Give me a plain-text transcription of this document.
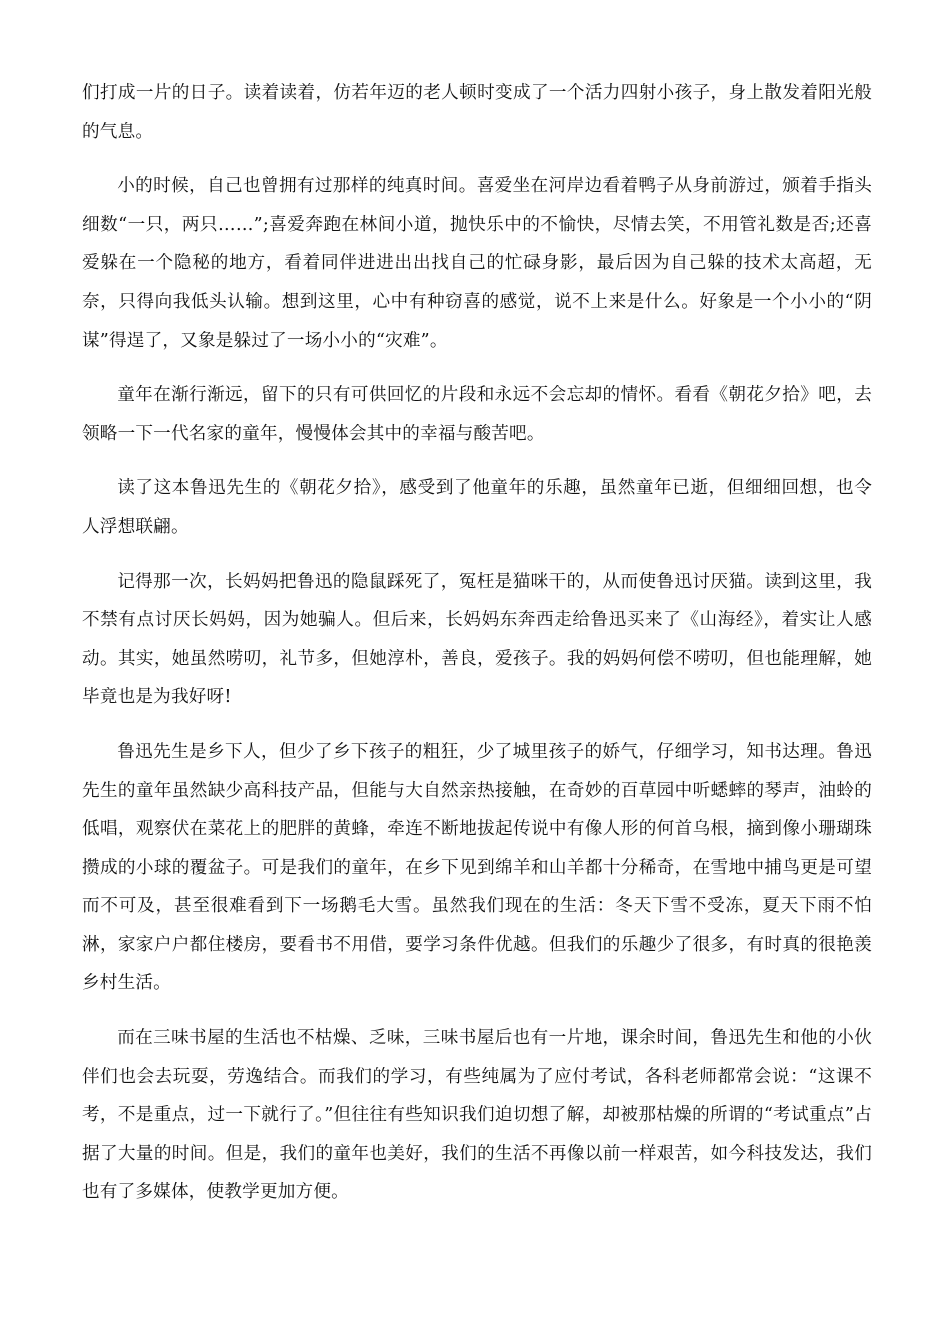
们打成一片的日子。读着读着，仿若年迈的老人顿时变成了一个活力四射小孩子，身上散发着阳光般的气息。

小的时候，自己也曾拥有过那样的纯真时间。喜爱坐在河岸边看着鸭子从身前游过，颁着手指头细数“一只，两只……”;喜爱奔跑在林间小道，抛快乐中的不愉快，尽情去笑，不用管礼数是否;还喜爱躲在一个隐秘的地方，看着同伴进进出出找自己的忙碌身影，最后因为自己躲的技术太高超，无奈，只得向我低头认输。想到这里，心中有种窃喜的感觉，说不上来是什么。好象是一个小小的“阴谋”得逞了，又象是躲过了一场小小的“灾难”。

童年在渐行渐远，留下的只有可供回忆的片段和永远不会忘却的情怀。看看《朝花夕拾》吧，去领略一下一代名家的童年，慢慢体会其中的幸福与酸苦吧。

读了这本鲁迅先生的《朝花夕拾》，感受到了他童年的乐趣，虽然童年已逝，但细细回想，也令人浮想联翩。

记得那一次，长妈妈把鲁迅的隐鼠踩死了，冤枉是猫咪干的，从而使鲁迅讨厌猫。读到这里，我不禁有点讨厌长妈妈，因为她骗人。但后来，长妈妈东奔西走给鲁迅买来了《山海经》，着实让人感动。其实，她虽然唠叨，礼节多，但她淳朴，善良，爱孩子。我的妈妈何偿不唠叨，但也能理解，她毕竟也是为我好呀!

鲁迅先生是乡下人，但少了乡下孩子的粗狂，少了城里孩子的娇气，仔细学习，知书达理。鲁迅先生的童年虽然缺少高科技产品，但能与大自然亲热接触，在奇妙的百草园中听蟋蟀的琴声，油蛉的低唱，观察伏在菜花上的肥胖的黄蜂，牵连不断地拔起传说中有像人形的何首乌根，摘到像小珊瑚珠攒成的小球的覆盆子。可是我们的童年，在乡下见到绵羊和山羊都十分稀奇，在雪地中捕鸟更是可望而不可及，甚至很难看到下一场鹅毛大雪。虽然我们现在的生活：冬天下雪不受冻，夏天下雨不怕淋，家家户户都住楼房，要看书不用借，要学习条件优越。但我们的乐趣少了很多，有时真的很艳羡乡村生活。

而在三味书屋的生活也不枯燥、乏味，三味书屋后也有一片地，课余时间，鲁迅先生和他的小伙伴们也会去玩耍，劳逸结合。而我们的学习，有些纯属为了应付考试，各科老师都常会说：“这课不考，不是重点，过一下就行了。”但往往有些知识我们迫切想了解，却被那枯燥的所谓的“考试重点”占据了大量的时间。但是，我们的童年也美好，我们的生活不再像以前一样艰苦，如今科技发达，我们也有了多媒体，使教学更加方便。
